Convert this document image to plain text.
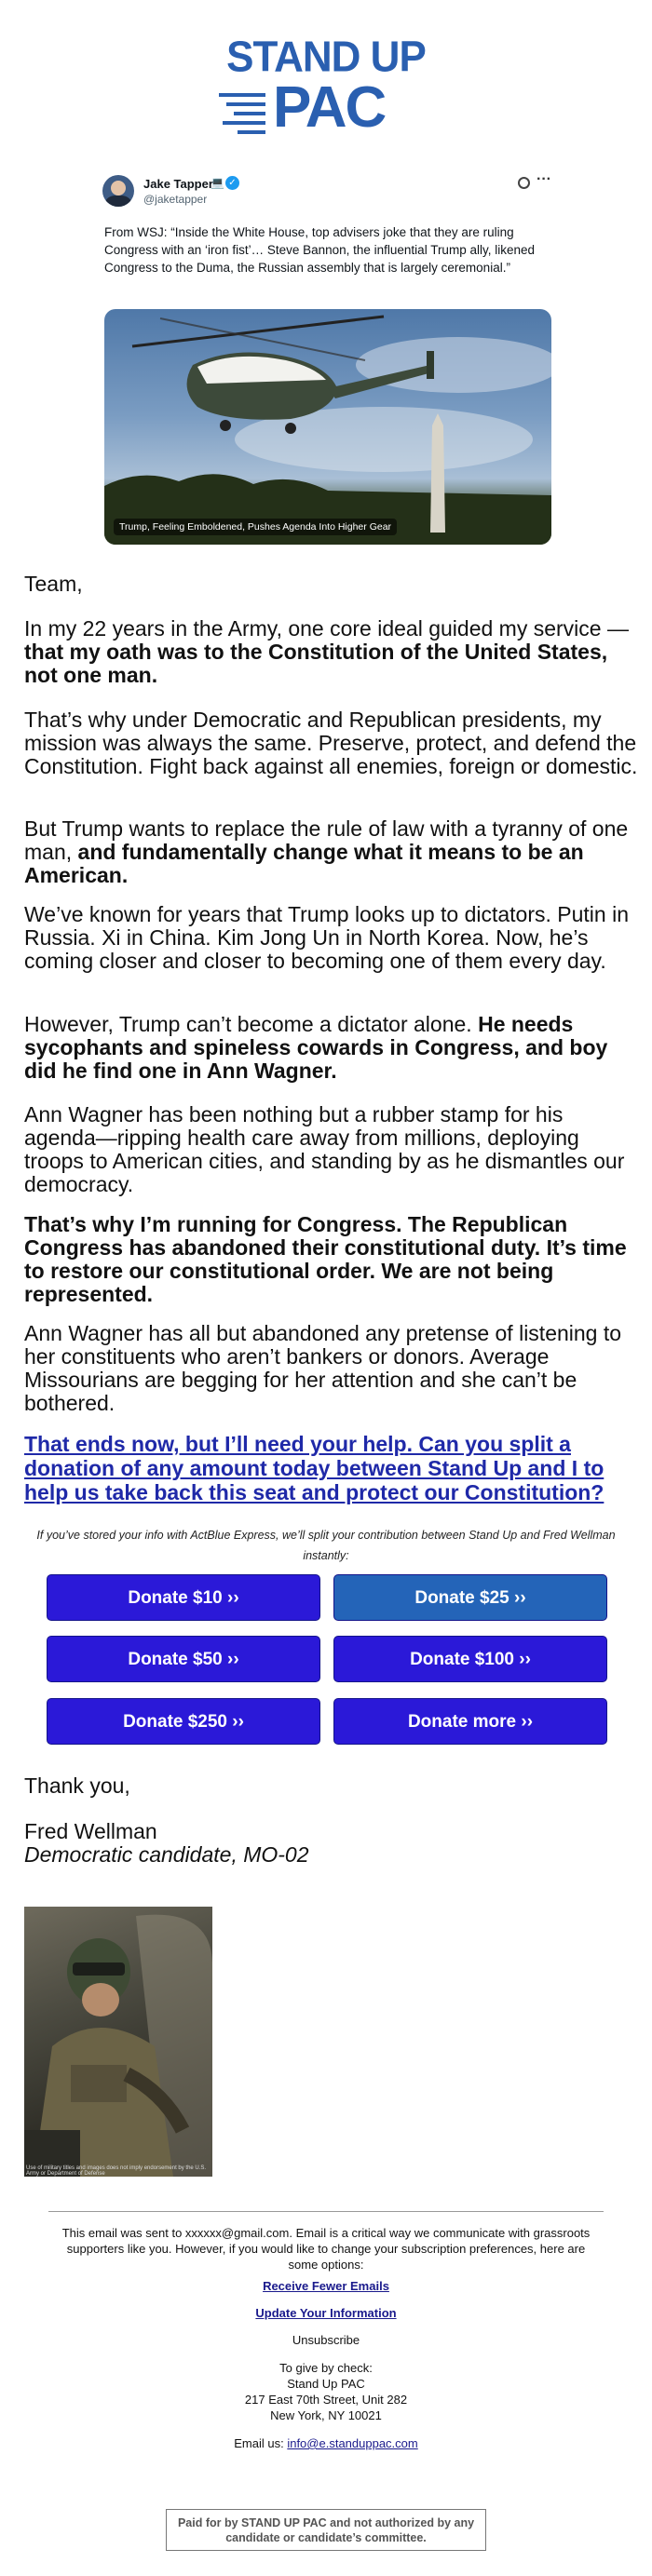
STAND UP
PAC
Jake Tapper
💻 ✓
@jaketapper
···
From WSJ: “Inside the White House, top advisers joke that they are ruling Congress with an ‘iron fist’… Steve Bannon, the influential Trump ally, likened Congress to the Duma, the Russian assembly that is largely ceremonial.”
Trump, Feeling Emboldened, Pushes Agenda Into Higher Gear
Team,
In my 22 years in the Army, one core ideal guided my service —that my oath was to the Constitution of the United States, not one man.
That’s why under Democratic and Republican presidents, my mission was always the same. Preserve, protect, and defend the Constitution. Fight back against all enemies, foreign or domestic.
But Trump wants to replace the rule of law with a tyranny of one man, and fundamentally change what it means to be an American.
We’ve known for years that Trump looks up to dictators. Putin in Russia. Xi in China. Kim Jong Un in North Korea. Now, he’s coming closer and closer to becoming one of them every day.
However, Trump can’t become a dictator alone. He needs sycophants and spineless cowards in Congress, and boy did he find one in Ann Wagner.
Ann Wagner has been nothing but a rubber stamp for his agenda—ripping health care away from millions, deploying troops to American cities, and standing by as he dismantles our democracy.
That’s why I’m running for Congress. The Republican Congress has abandoned their constitutional duty. It’s time to restore our constitutional order. We are not being represented.
Ann Wagner has all but abandoned any pretense of listening to her constituents who aren’t bankers or donors. Average Missourians are begging for her attention and she can’t be bothered.
That ends now, but I’ll need your help. Can you split a donation of any amount today between Stand Up and I to help us take back this seat and protect our Constitution?
If you’ve stored your info with ActBlue Express, we’ll split your contribution between Stand Up and Fred Wellman instantly:
Donate $10 ››	Donate $25 ››
Donate $50 ››	Donate $100 ››
Donate $250 ››	Donate more ››
Thank you,
Fred Wellman
Democratic candidate, MO-02
Use of military titles and images does not imply endorsement by the U.S. Army or Department of Defense
This email was sent to xxxxxx@gmail.com. Email is a critical way we communicate with grassroots supporters like you. However, if you would like to change your subscription preferences, here are some options:
Receive Fewer Emails
Update Your Information
Unsubscribe
To give by check:
Stand Up PAC
217 East 70th Street, Unit 282
New York, NY 10021
Email us: info@e.standuppac.com
Paid for by STAND UP PAC and not authorized by any candidate or candidate’s committee.
